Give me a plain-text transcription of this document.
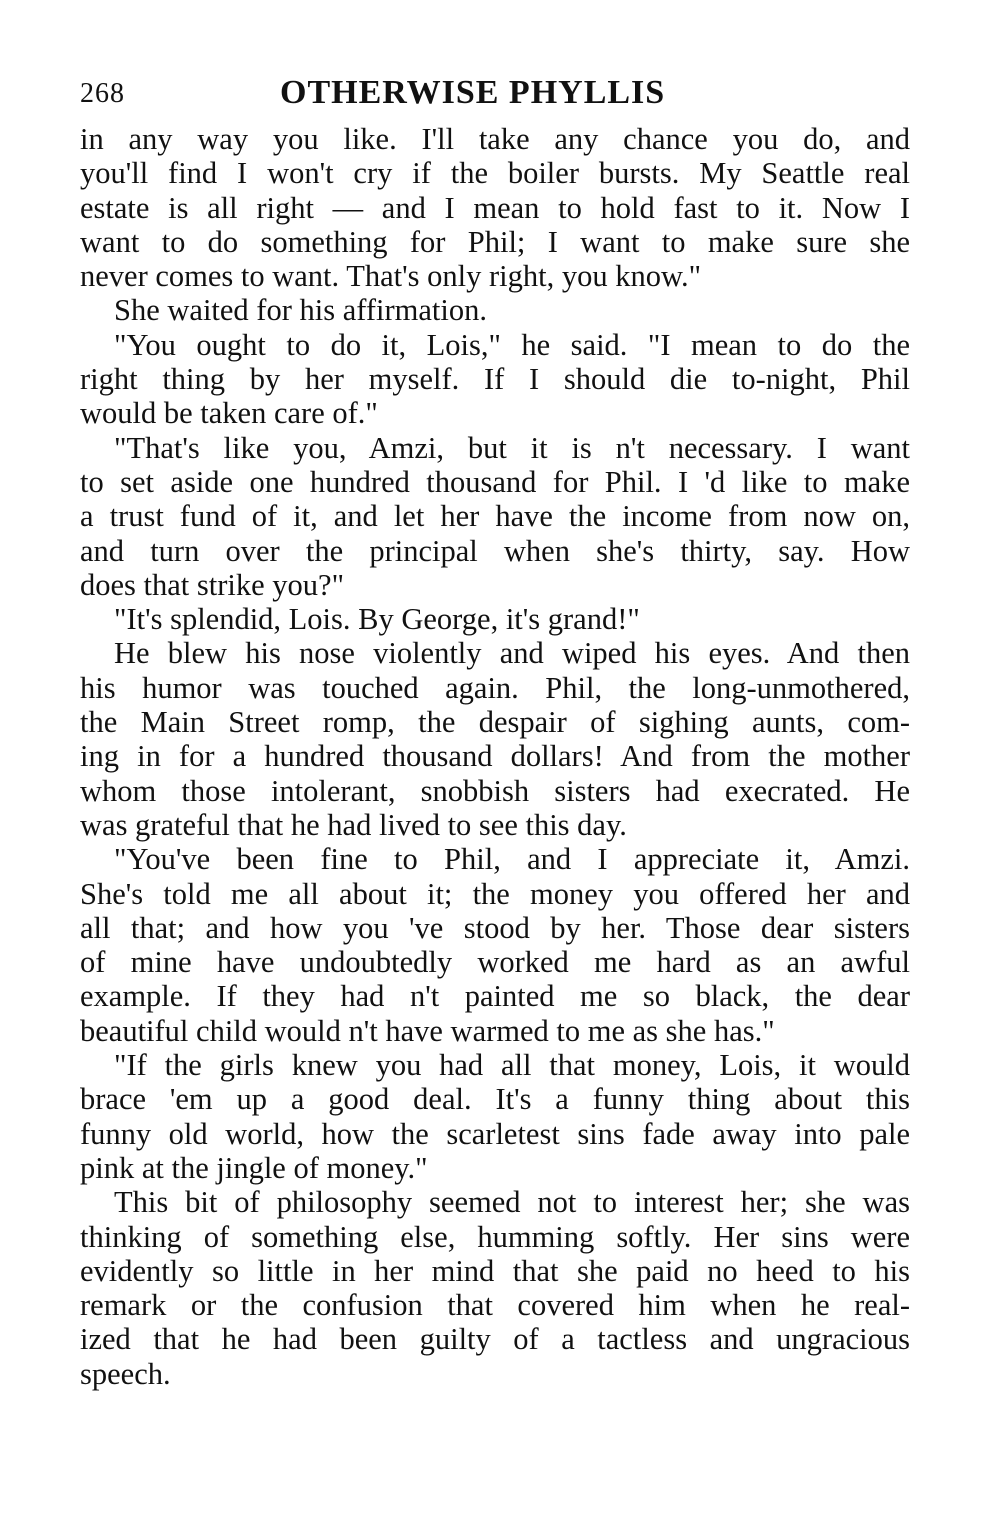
268	OTHERWISE PHYLLIS
in any way you like. I'll take any chance you do, and
you'll find I won't cry if the boiler bursts. My Seattle real
estate is all right — and I mean to hold fast to it. Now I
want to do something for Phil; I want to make sure she
never comes to want. That's only right, you know."
She waited for his affirmation.
"You ought to do it, Lois," he said. "I mean to do the
right thing by her myself. If I should die to-night, Phil
would be taken care of."
"That's like you, Amzi, but it is n't necessary. I want
to set aside one hundred thousand for Phil. I 'd like to make
a trust fund of it, and let her have the income from now on,
and turn over the principal when she's thirty, say. How
does that strike you?"
"It's splendid, Lois. By George, it's grand!"
He blew his nose violently and wiped his eyes. And then
his humor was touched again. Phil, the long-unmothered,
the Main Street romp, the despair of sighing aunts, com-
ing in for a hundred thousand dollars! And from the mother
whom those intolerant, snobbish sisters had execrated. He
was grateful that he had lived to see this day.
"You've been fine to Phil, and I appreciate it, Amzi.
She's told me all about it; the money you offered her and
all that; and how you 've stood by her. Those dear sisters
of mine have undoubtedly worked me hard as an awful
example. If they had n't painted me so black, the dear
beautiful child would n't have warmed to me as she has."
"If the girls knew you had all that money, Lois, it would
brace 'em up a good deal. It's a funny thing about this
funny old world, how the scarletest sins fade away into pale
pink at the jingle of money."
This bit of philosophy seemed not to interest her; she was
thinking of something else, humming softly. Her sins were
evidently so little in her mind that she paid no heed to his
remark or the confusion that covered him when he real-
ized that he had been guilty of a tactless and ungracious
speech.
